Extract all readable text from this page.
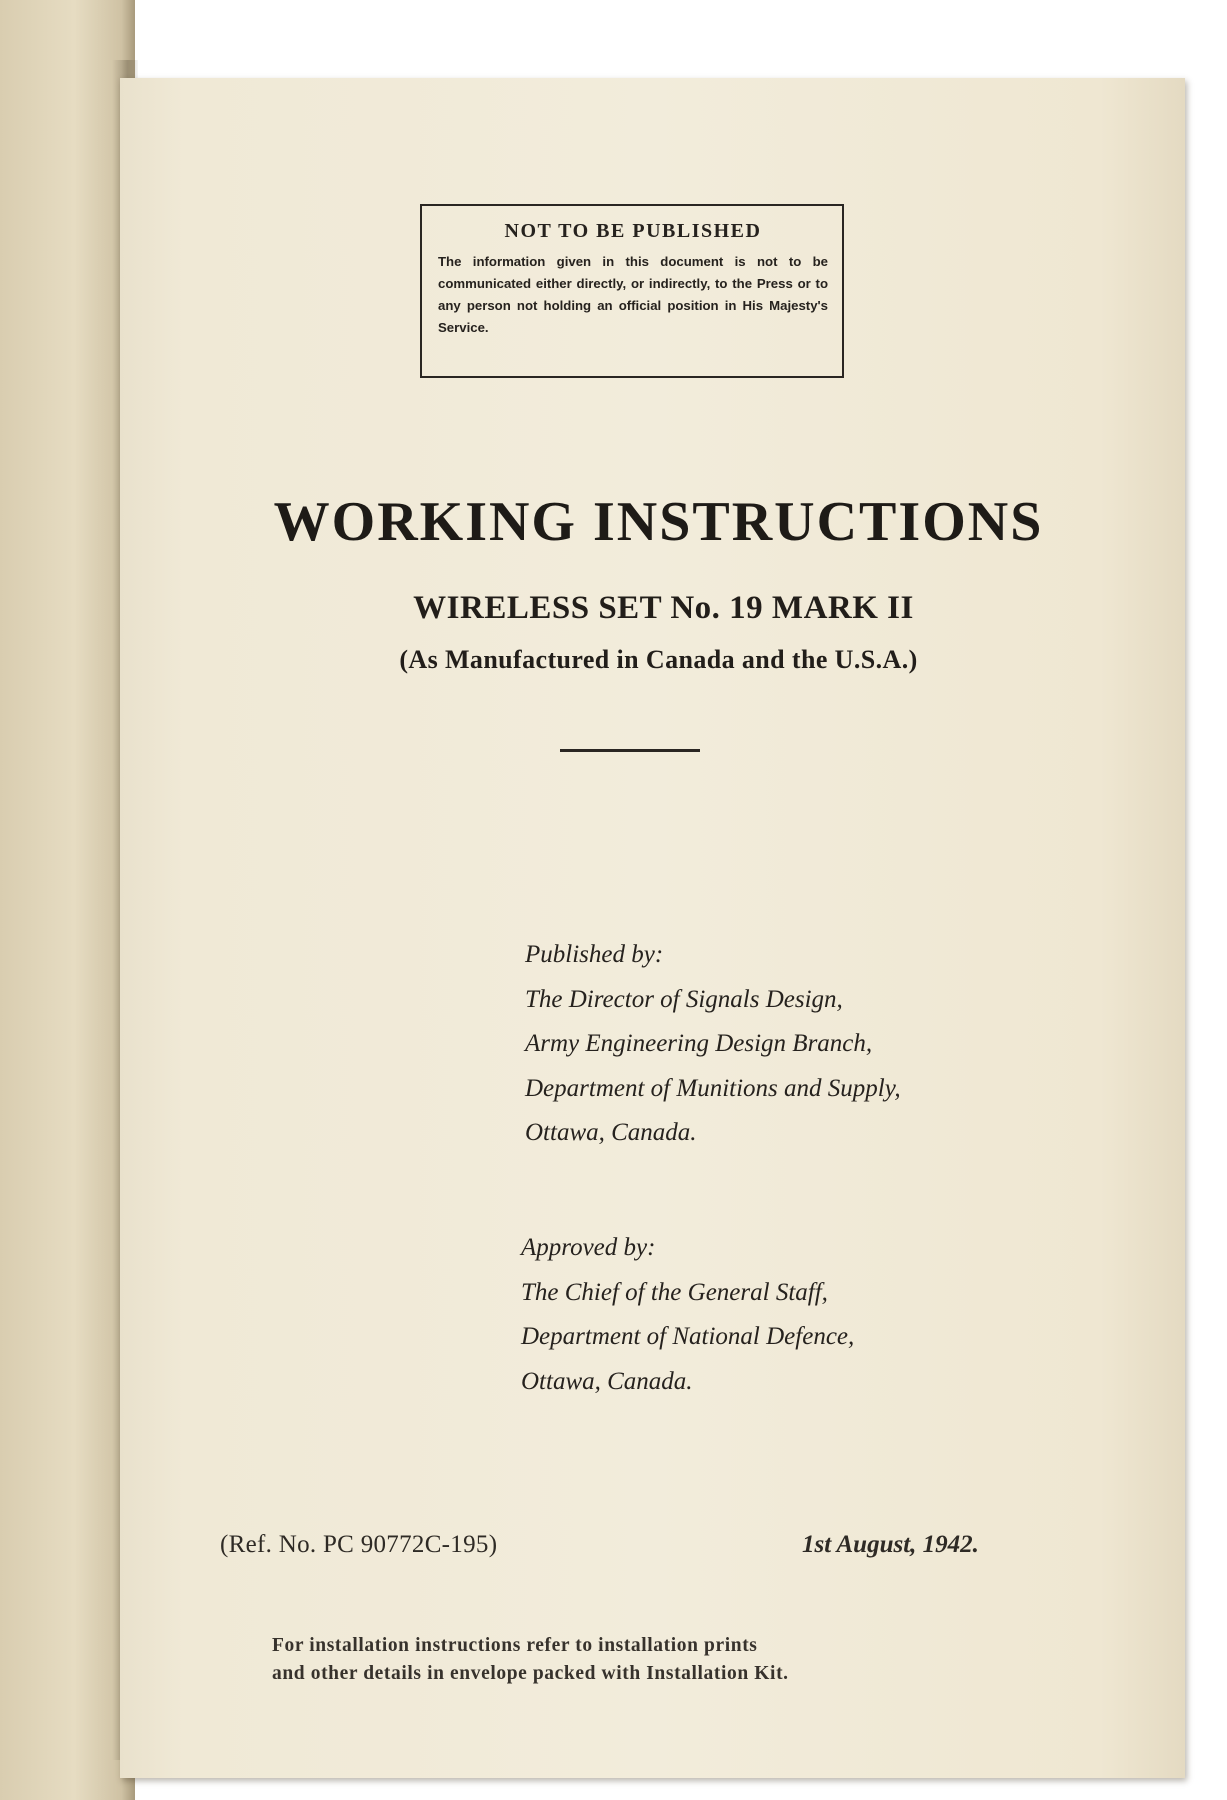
NOT TO BE PUBLISHED
The information given in this document is not to be communicated either directly, or indirectly, to the Press or to any person not holding an official position in His Majesty's Service.
WORKING INSTRUCTIONS
WIRELESS SET No. 19 MARK II
(As Manufactured in Canada and the U.S.A.)
Published by:
The Director of Signals Design,
Army Engineering Design Branch,
Department of Munitions and Supply,
Ottawa, Canada.
Approved by:
The Chief of the General Staff,
Department of National Defence,
Ottawa, Canada.
(Ref. No. PC 90772C-195)	1st August, 1942.
For installation instructions refer to installation prints
and other details in envelope packed with Installation Kit.
